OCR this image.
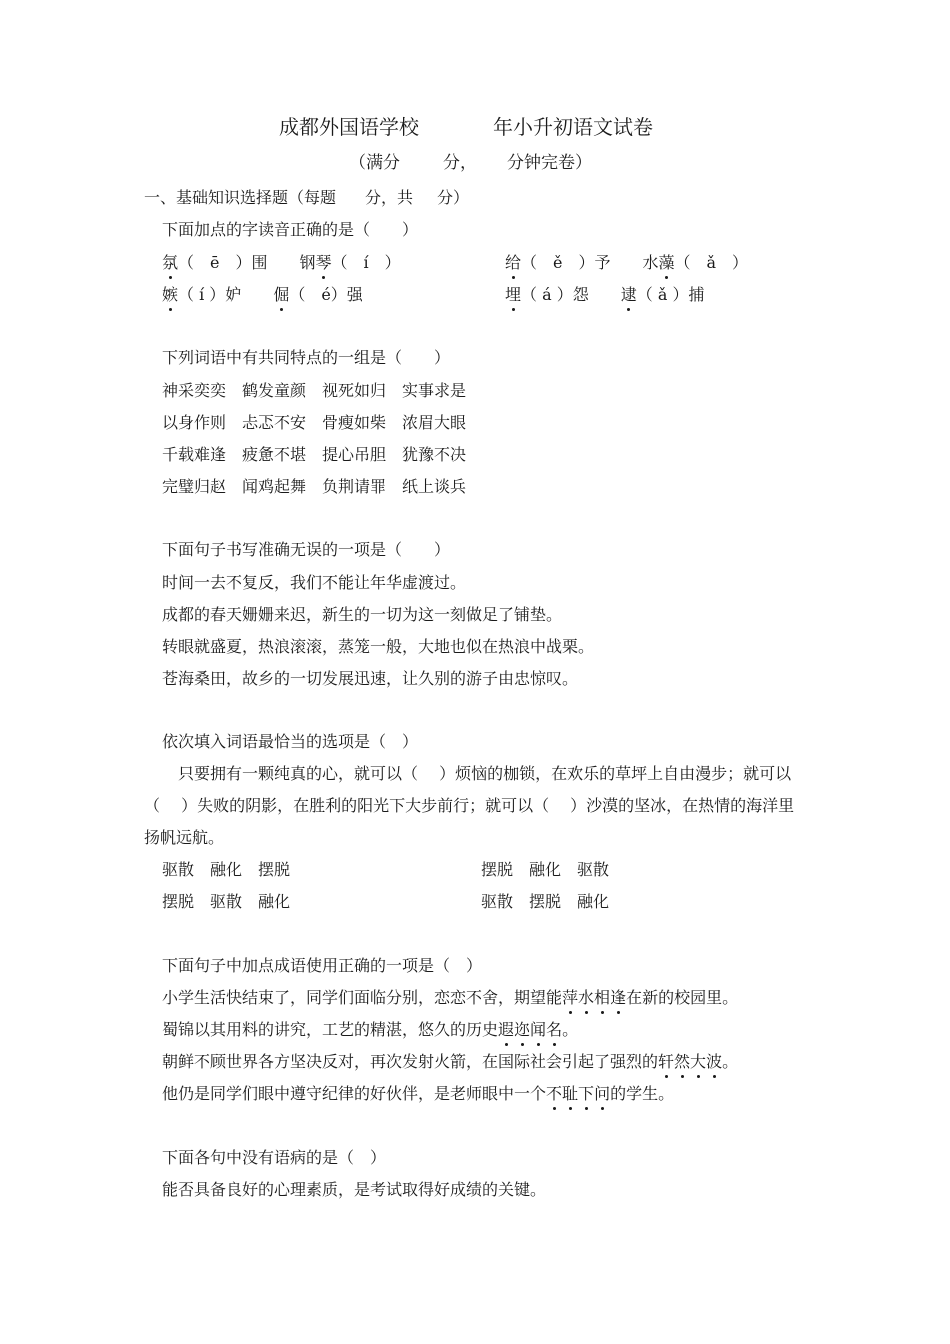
成都外国语学校	年小升初语文试卷
（满分	分， 分钟完卷）
一、基础知识选择题（每题 分，共 分）
下面加点的字读音正确的是（　　）
氛（　ē　）围　　钢琴（　í　）	给（　ě　）予　　水藻（　ǎ　）
嫉（ í ）妒　　倔（　é）强	埋（ á ）怨　　逮（ ǎ ）捕
下列词语中有共同特点的一组是（　　）
神采奕奕　鹤发童颜　视死如归　实事求是
以身作则　忐忑不安　骨瘦如柴　浓眉大眼
千载难逢　疲惫不堪　提心吊胆　犹豫不决
完璧归赵　闻鸡起舞　负荆请罪　纸上谈兵
下面句子书写准确无误的一项是（　　）
时间一去不复反，我们不能让年华虚渡过。
成都的春天姗姗来迟，新生的一切为这一刻做足了铺垫。
转眼就盛夏，热浪滚滚，蒸笼一般，大地也似在热浪中战栗。
苍海桑田，故乡的一切发展迅速，让久别的游子由忠惊叹。
依次填入词语最恰当的选项是（　）
只要拥有一颗纯真的心，就可以（　 ）烦恼的枷锁，在欢乐的草坪上自由漫步；就可以
（　 ）失败的阴影，在胜利的阳光下大步前行；就可以（　 ）沙漠的坚冰，在热情的海洋里
扬帆远航。
驱散　融化　摆脱	摆脱　融化　驱散
摆脱　驱散　融化	驱散　摆脱　融化
下面句子中加点成语使用正确的一项是（　）
小学生活快结束了，同学们面临分别，恋恋不舍，期望能萍水相逢在新的校园里。
蜀锦以其用料的讲究，工艺的精湛，悠久的历史遐迩闻名。
朝鲜不顾世界各方坚决反对，再次发射火箭，在国际社会引起了强烈的轩然大波。
他仍是同学们眼中遵守纪律的好伙伴，是老师眼中一个不耻下问的学生。
下面各句中没有语病的是（　）
能否具备良好的心理素质，是考试取得好成绩的关键。
